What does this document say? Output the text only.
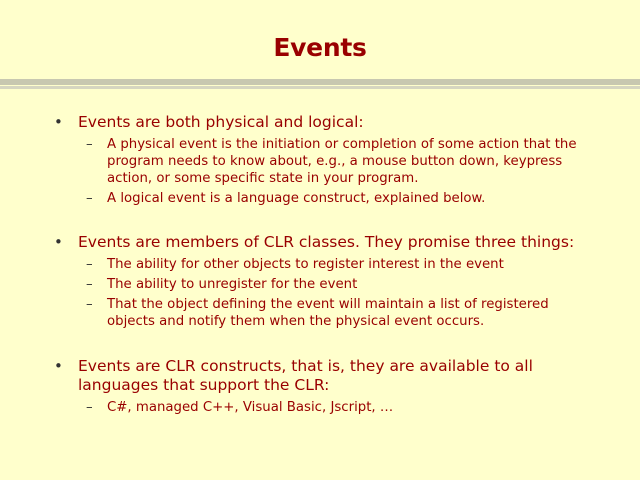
Events
• Events are both physical and logical:
– A physical event is the initiation or completion of some action that the program needs to know about, e.g., a mouse button down, keypress action, or some specific state in your program.
– A logical event is a language construct, explained below.
• Events are members of CLR classes. They promise three things:
– The ability for other objects to register interest in the event
– The ability to unregister for the event
– That the object defining the event will maintain a list of registered objects and notify them when the physical event occurs.
• Events are CLR constructs, that is, they are available to all languages that support the CLR:
– C#, managed C++, Visual Basic, Jscript, …
